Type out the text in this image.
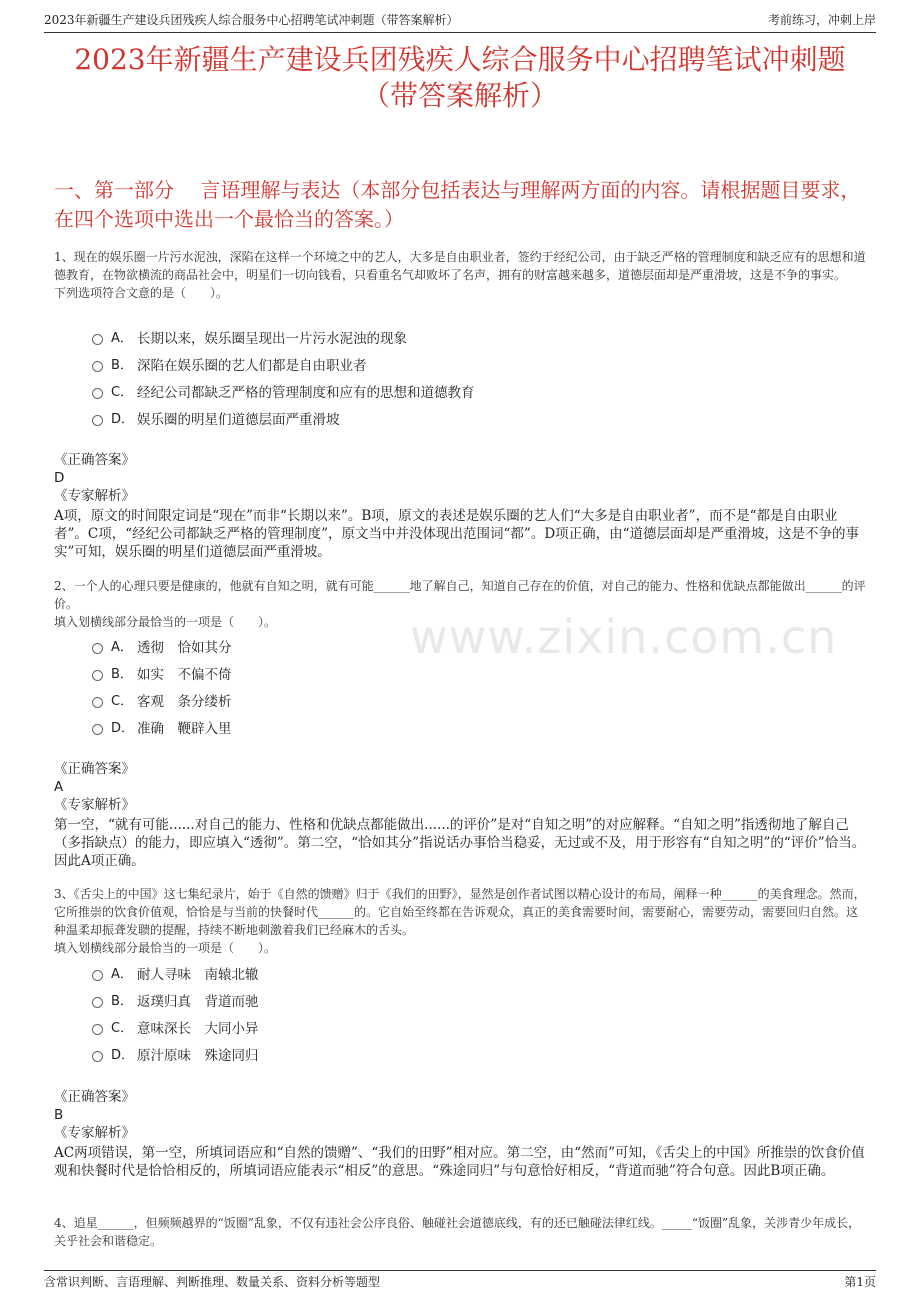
2023年新疆生产建设兵团残疾人综合服务中心招聘笔试冲刺题（带答案解析）	考前练习，冲刺上岸
2023年新疆生产建设兵团残疾人综合服务中心招聘笔试冲刺题
（带答案解析）
一、第一部分　 言语理解与表达（本部分包括表达与理解两方面的内容。请根据题目要求，在四个选项中选出一个最恰当的答案。）
www.zixin.com.cn
1、现在的娱乐圈一片污水泥浊，深陷在这样一个环境之中的艺人，大多是自由职业者，签约于经纪公司，由于缺乏严格的管理制度和缺乏应有的思想和道德教育，在物欲横流的商品社会中，明星们一切向钱看，只看重名气却败坏了名声，拥有的财富越来越多，道德层面却是严重滑坡，这是不争的事实。
下列选项符合文意的是（　　）。
A． 长期以来，娱乐圈呈现出一片污水泥浊的现象
B． 深陷在娱乐圈的艺人们都是自由职业者
C． 经纪公司都缺乏严格的管理制度和应有的思想和道德教育
D． 娱乐圈的明星们道德层面严重滑坡
《正确答案》
D
《专家解析》
A项，原文的时间限定词是“现在”而非“长期以来”。B项，原文的表述是娱乐圈的艺人们“大多是自由职业者”，而不是“都是自由职业者”。C项，“经纪公司都缺乏严格的管理制度”，原文当中并没体现出范围词“都”。D项正确，由“道德层面却是严重滑坡，这是不争的事实”可知，娱乐圈的明星们道德层面严重滑坡。
2、一个人的心理只要是健康的，他就有自知之明，就有可能______地了解自己，知道自己存在的价值，对自己的能力、性格和优缺点都能做出______的评价。
填入划横线部分最恰当的一项是（　　）。
A． 透彻　恰如其分
B． 如实　不偏不倚
C． 客观　条分缕析
D． 准确　鞭辟入里
《正确答案》
A
《专家解析》
第一空，“就有可能......对自己的能力、性格和优缺点都能做出......的评价”是对“自知之明”的对应解释。“自知之明”指透彻地了解自己（多指缺点）的能力，即应填入“透彻”。第二空，“恰如其分”指说话办事恰当稳妥，无过或不及，用于形容有“自知之明”的“评价”恰当。因此A项正确。
3、《舌尖上的中国》这七集纪录片，始于《自然的馈赠》归于《我们的田野》，显然是创作者试图以精心设计的布局，阐释一种______的美食理念。然而，它所推崇的饮食价值观，恰恰是与当前的快餐时代______的。它自始至终都在告诉观众，真正的美食需要时间，需要耐心，需要劳动，需要回归自然。这种温柔却振聋发聩的提醒，持续不断地刺激着我们已经麻木的舌头。
填入划横线部分最恰当的一项是（　　）。
A． 耐人寻味　南辕北辙
B． 返璞归真　背道而驰
C． 意味深长　大同小异
D． 原汁原味　殊途同归
《正确答案》
B
《专家解析》
AC两项错误，第一空，所填词语应和“自然的馈赠”、“我们的田野”相对应。第二空，由“然而”可知，《舌尖上的中国》所推崇的饮食价值观和快餐时代是恰恰相反的，所填词语应能表示“相反”的意思。“殊途同归”与句意恰好相反，“背道而驰”符合句意。因此B项正确。
4、追星______，但频频越界的“饭圈”乱象，不仅有违社会公序良俗、触碰社会道德底线，有的还已触碰法律红线。_____“饭圈”乱象，关涉青少年成长，关乎社会和谐稳定。
含常识判断、言语理解、判断推理、数量关系、资料分析等题型	第1页
